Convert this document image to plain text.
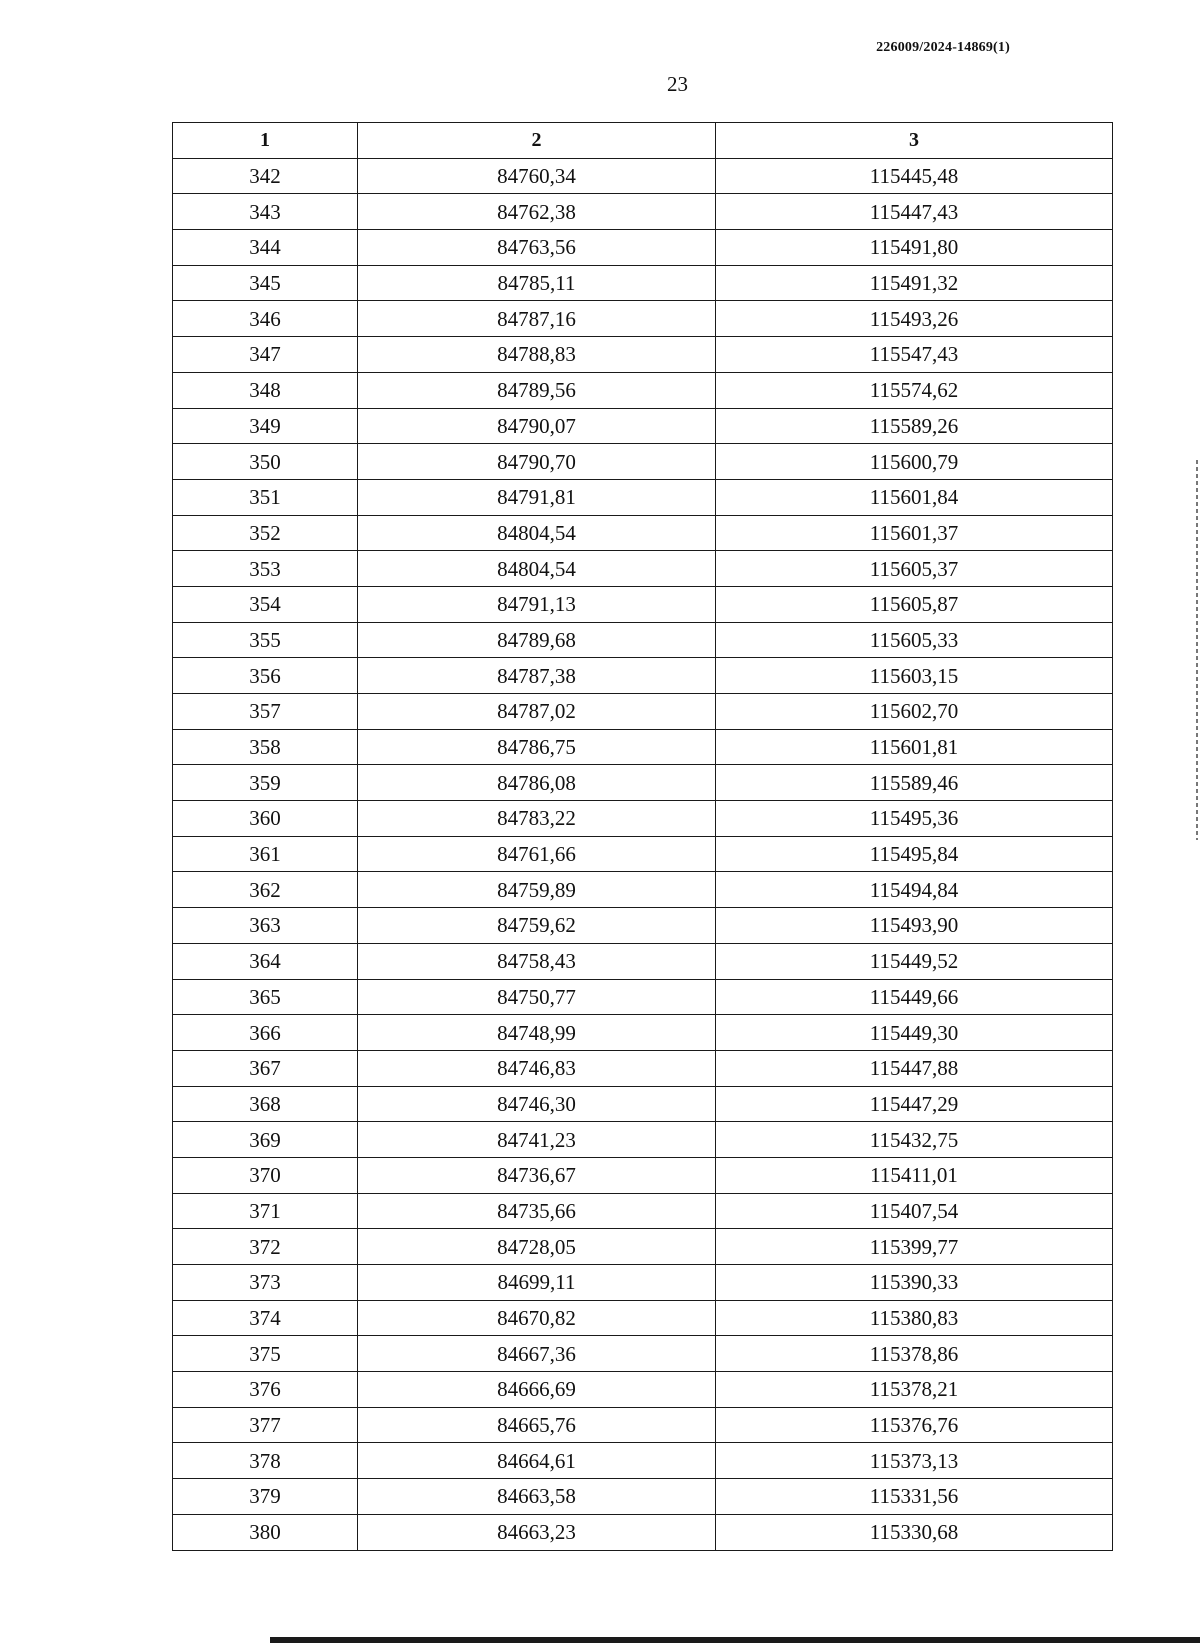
226009/2024-14869(1)
23
1	2	3
342	84760,34	115445,48
343	84762,38	115447,43
344	84763,56	115491,80
345	84785,11	115491,32
346	84787,16	115493,26
347	84788,83	115547,43
348	84789,56	115574,62
349	84790,07	115589,26
350	84790,70	115600,79
351	84791,81	115601,84
352	84804,54	115601,37
353	84804,54	115605,37
354	84791,13	115605,87
355	84789,68	115605,33
356	84787,38	115603,15
357	84787,02	115602,70
358	84786,75	115601,81
359	84786,08	115589,46
360	84783,22	115495,36
361	84761,66	115495,84
362	84759,89	115494,84
363	84759,62	115493,90
364	84758,43	115449,52
365	84750,77	115449,66
366	84748,99	115449,30
367	84746,83	115447,88
368	84746,30	115447,29
369	84741,23	115432,75
370	84736,67	115411,01
371	84735,66	115407,54
372	84728,05	115399,77
373	84699,11	115390,33
374	84670,82	115380,83
375	84667,36	115378,86
376	84666,69	115378,21
377	84665,76	115376,76
378	84664,61	115373,13
379	84663,58	115331,56
380	84663,23	115330,68
